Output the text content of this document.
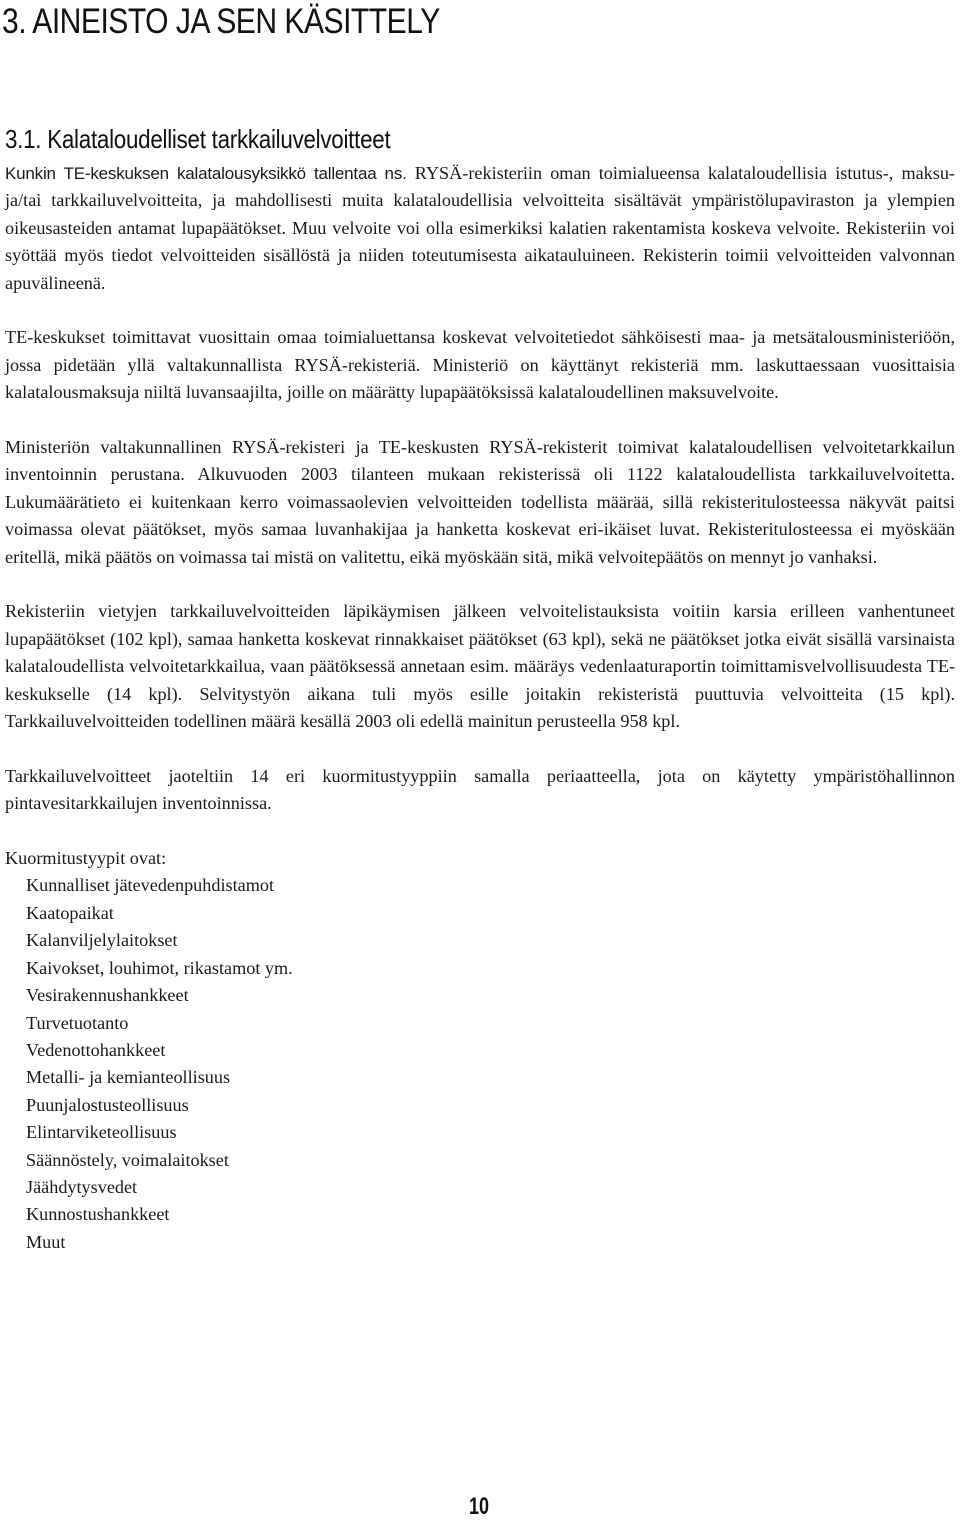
3. AINEISTO JA SEN KÄSITTELY
3.1. Kalataloudelliset tarkkailuvelvoitteet

Kunkin TE-keskuksen kalatalousyksikkö tallentaa ns. RYSÄ-rekisteriin oman toimialueensa kalataloudellisia istutus-, maksu- ja/tai tarkkailuvelvoitteita, ja mahdollisesti muita kalataloudellisia velvoitteita sisältävät ympäristölupaviraston ja ylempien oikeusasteiden antamat lupapäätökset. Muu velvoite voi olla esimerkiksi kalatien rakentamista koskeva velvoite. Rekisteriin voi syöttää myös tiedot velvoitteiden sisällöstä ja niiden toteutumisesta aikatauluineen. Rekisterin toimii velvoitteiden valvonnan apuvälineenä.

TE-keskukset toimittavat vuosittain omaa toimialuettansa koskevat velvoitetiedot sähköisesti maa- ja metsätalousministeriöön, jossa pidetään yllä valtakunnallista RYSÄ-rekisteriä. Ministeriö on käyttänyt rekisteriä mm. laskuttaessaan vuosittaisia kalatalousmaksuja niiltä luvansaajilta, joille on määrätty lupapäätöksissä kalataloudellinen maksuvelvoite.

Ministeriön valtakunnallinen RYSÄ-rekisteri ja TE-keskusten RYSÄ-rekisterit toimivat kalataloudellisen velvoitetarkkailun inventoinnin perustana. Alkuvuoden 2003 tilanteen mukaan rekisterissä oli 1122 kalataloudellista tarkkailuvelvoitetta. Lukumäärätieto ei kuitenkaan kerro voimassaolevien velvoitteiden todellista määrää, sillä rekisteritulosteessa näkyvät paitsi voimassa olevat päätökset, myös samaa luvanhakijaa ja hanketta koskevat eri-ikäiset luvat. Rekisteritulosteessa ei myöskään eritellä, mikä päätös on voimassa tai mistä on valitettu, eikä myöskään sitä, mikä velvoitepäätös on mennyt jo vanhaksi.

Rekisteriin vietyjen tarkkailuvelvoitteiden läpikäymisen jälkeen velvoitelistauksista voitiin karsia erilleen vanhentuneet lupapäätökset (102 kpl), samaa hanketta koskevat rinnakkaiset päätökset (63 kpl), sekä ne päätökset jotka eivät sisällä varsinaista kalataloudellista velvoitetarkkailua, vaan päätöksessä annetaan esim. määräys vedenlaaturaportin toimittamisvelvollisuudesta TE-keskukselle (14 kpl). Selvitystyön aikana tuli myös esille joitakin rekisteristä puuttuvia velvoitteita (15 kpl). Tarkkailuvelvoitteiden todellinen määrä kesällä 2003 oli edellä mainitun perusteella 958 kpl.

Tarkkailuvelvoitteet jaoteltiin 14 eri kuormitustyyppiin samalla periaatteella, jota on käytetty ympäristöhallinnon pintavesitarkkailujen inventoinnissa.

Kuormitustyypit ovat:

Kunnalliset jätevedenpuhdistamot
Kaatopaikat
Kalanviljelylaitokset
Kaivokset, louhimot, rikastamot ym.
Vesirakennushankkeet
Turvetuotanto
Vedenottohankkeet
Metalli- ja kemianteollisuus
Puunjalostusteollisuus
Elintarviketeollisuus
Säännöstely, voimalaitokset
Jäähdytysvedet
Kunnostushankkeet
Muut
10
